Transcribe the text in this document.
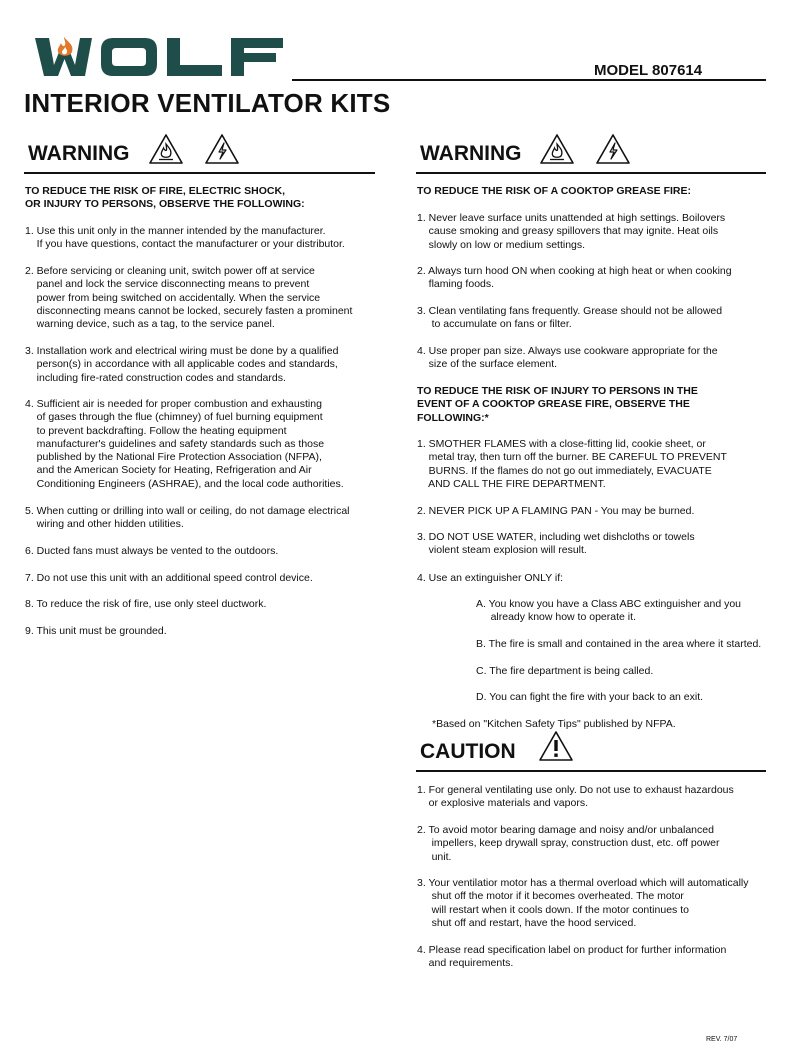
MODEL 807614
INTERIOR VENTILATOR KITS
WARNING

TO REDUCE THE RISK OF FIRE, ELECTRIC SHOCK,
OR INJURY TO PERSONS, OBSERVE THE FOLLOWING:

1. Use this unit only in the manner intended by the manufacturer.
If you have questions, contact the manufacturer or your distributor.

2. Before servicing or cleaning unit, switch power off at service
panel and lock the service disconnecting means to prevent
power from being switched on accidentally. When the service
disconnecting means cannot be locked, securely fasten a prominent
warning device, such as a tag, to the service panel.

3. Installation work and electrical wiring must be done by a qualified
person(s) in accordance with all applicable codes and standards,
including fire-rated construction codes and standards.

4. Sufficient air is needed for proper combustion and exhausting
of gases through the flue (chimney) of fuel burning equipment
to prevent backdrafting. Follow the heating equipment
manufacturer's guidelines and safety standards such as those
published by the National Fire Protection Association (NFPA),
and the American Society for Heating, Refrigeration and Air
Conditioning Engineers (ASHRAE), and the local code authorities.

5. When cutting or drilling into wall or ceiling, do not damage electrical
wiring and other hidden utilities.

6. Ducted fans must always be vented to the outdoors.

7. Do not use this unit with an additional speed control device.

8. To reduce the risk of fire, use only steel ductwork.

9. This unit must be grounded.

WARNING

TO REDUCE THE RISK OF A COOKTOP GREASE FIRE:

1. Never leave surface units unattended at high settings. Boilovers
cause smoking and greasy spillovers that may ignite. Heat oils
slowly on low or medium settings.

2. Always turn hood ON when cooking at high heat or when cooking
flaming foods.

3. Clean ventilating fans frequently. Grease should not be allowed
to accumulate on fans or filter.

4. Use proper pan size. Always use cookware appropriate for the
size of the surface element.

TO REDUCE THE RISK OF INJURY TO PERSONS IN THE
EVENT OF A COOKTOP GREASE FIRE, OBSERVE THE
FOLLOWING:*

1. SMOTHER FLAMES with a close-fitting lid, cookie sheet, or
metal tray, then turn off the burner. BE CAREFUL TO PREVENT
BURNS. If the flames do not go out immediately, EVACUATE
AND CALL THE FIRE DEPARTMENT.

2. NEVER PICK UP A FLAMING PAN - You may be burned.

3. DO NOT USE WATER, including wet dishcloths or towels
violent steam explosion will result.

4. Use an extinguisher ONLY if:

A. You know you have a Class ABC extinguisher and you
already know how to operate it.

B. The fire is small and contained in the area where it started.

C. The fire department is being called.

D. You can fight the fire with your back to an exit.

*Based on "Kitchen Safety Tips" published by NFPA.

CAUTION

1. For general ventilating use only. Do not use to exhaust hazardous
or explosive materials and vapors.

2. To avoid motor bearing damage and noisy and/or unbalanced
impellers, keep drywall spray, construction dust, etc. off power
unit.

3. Your ventilatior motor has a thermal overload which will automatically
shut off the motor if it becomes overheated. The motor
will restart when it cools down. If the motor continues to
shut off and restart, have the hood serviced.

4. Please read specification label on product for further information
and requirements.

REV. 7/07
